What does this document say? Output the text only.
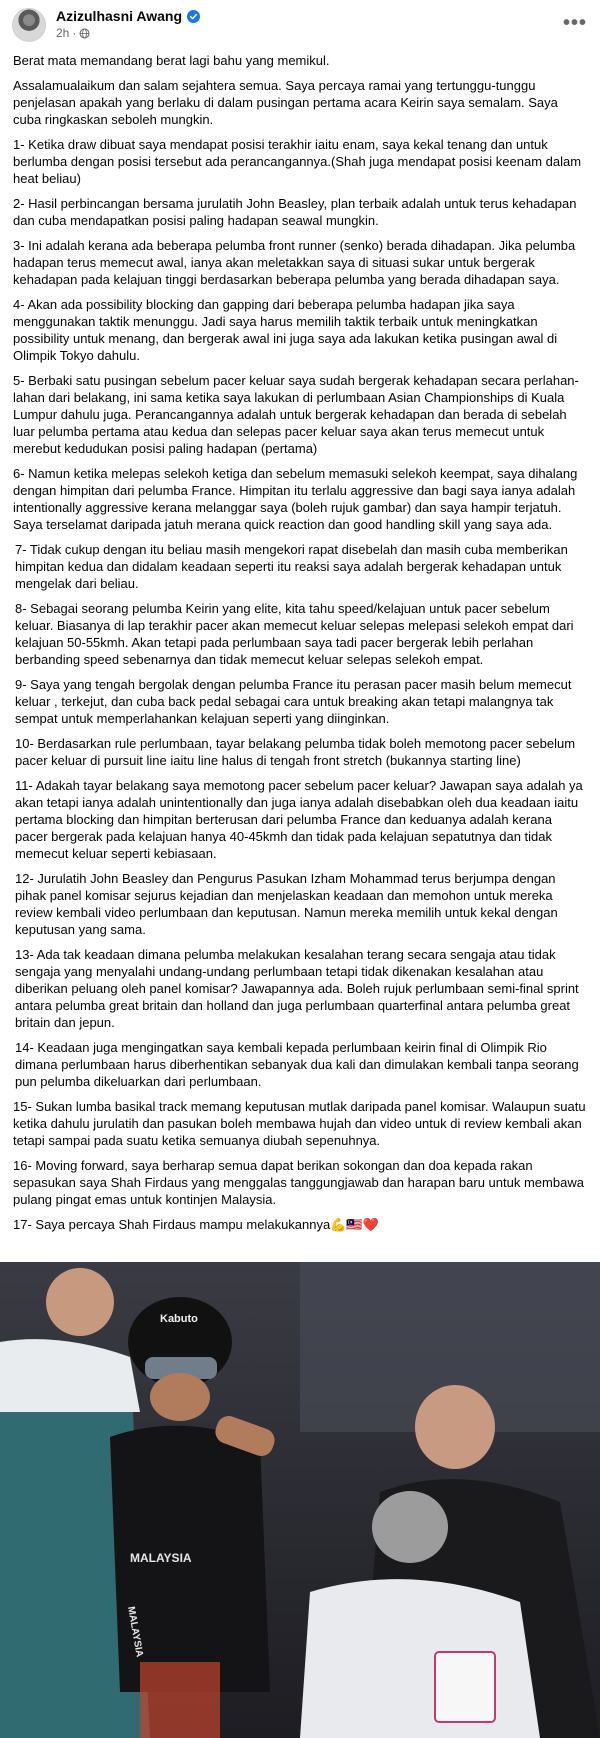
Azizulhasni Awang
2h ·	•••

Berat mata memandang berat lagi bahu yang memikul.

Assalamualaikum dan salam sejahtera semua. Saya percaya ramai yang tertunggu-tunggu penjelasan apakah yang berlaku di dalam pusingan pertama acara Keirin saya semalam. Saya cuba ringkaskan seboleh mungkin.

1- Ketika draw dibuat saya mendapat posisi terakhir iaitu enam, saya kekal tenang dan untuk berlumba dengan posisi tersebut ada perancangannya.(Shah juga mendapat posisi keenam dalam heat beliau)

2- Hasil perbincangan bersama jurulatih John Beasley, plan terbaik adalah untuk terus kehadapan dan cuba mendapatkan posisi paling hadapan seawal mungkin.

3- Ini adalah kerana ada beberapa pelumba front runner (senko) berada dihadapan. Jika pelumba hadapan terus memecut awal, ianya akan meletakkan saya di situasi sukar untuk bergerak kehadapan pada kelajuan tinggi berdasarkan beberapa pelumba yang berada dihadapan saya.

4- Akan ada possibility blocking dan gapping dari beberapa pelumba hadapan jika saya menggunakan taktik menunggu. Jadi saya harus memilih taktik terbaik untuk meningkatkan possibility untuk menang, dan bergerak awal ini juga saya ada lakukan ketika pusingan awal di Olimpik Tokyo dahulu.

5- Berbaki satu pusingan sebelum pacer keluar saya sudah bergerak kehadapan secara perlahan-lahan dari belakang, ini sama ketika saya lakukan di perlumbaan Asian Championships di Kuala Lumpur dahulu juga. Perancangannya adalah untuk bergerak kehadapan dan berada di sebelah luar pelumba pertama atau kedua dan selepas pacer keluar saya akan terus memecut untuk merebut kedudukan posisi paling hadapan (pertama)

6- Namun ketika melepas selekoh ketiga dan sebelum memasuki selekoh keempat, saya dihalang dengan himpitan dari pelumba France. Himpitan itu terlalu aggressive dan bagi saya ianya adalah intentionally aggressive kerana melanggar saya (boleh rujuk gambar) dan saya hampir terjatuh. Saya terselamat daripada jatuh merana quick reaction dan good handling skill yang saya ada.

7- Tidak cukup dengan itu beliau masih mengekori rapat disebelah dan masih cuba memberikan himpitan kedua dan didalam keadaan seperti itu reaksi saya adalah bergerak kehadapan untuk mengelak dari beliau.

8- Sebagai seorang pelumba Keirin yang elite, kita tahu speed/kelajuan untuk pacer sebelum keluar. Biasanya di lap terakhir pacer akan memecut keluar selepas melepasi selekoh empat dari kelajuan 50-55kmh. Akan tetapi pada perlumbaan saya tadi pacer bergerak lebih perlahan berbanding speed sebenarnya dan tidak memecut keluar selepas selekoh empat.

9- Saya yang tengah bergolak dengan pelumba France itu perasan pacer masih belum memecut keluar , terkejut, dan cuba back pedal sebagai cara untuk breaking akan tetapi malangnya tak sempat untuk memperlahankan kelajuan seperti yang diinginkan.

10- Berdasarkan rule perlumbaan, tayar belakang pelumba tidak boleh memotong pacer sebelum pacer keluar di pursuit line iaitu line halus di tengah front stretch (bukannya starting line)

11- Adakah tayar belakang saya memotong pacer sebelum pacer keluar? Jawapan saya adalah ya akan tetapi ianya adalah unintentionally dan juga ianya adalah disebabkan oleh dua keadaan iaitu pertama blocking dan himpitan berterusan dari pelumba France dan keduanya adalah kerana pacer bergerak pada kelajuan hanya 40-45kmh dan tidak pada kelajuan sepatutnya dan tidak memecut keluar seperti kebiasaan.

12- Jurulatih John Beasley dan Pengurus Pasukan Izham Mohammad terus berjumpa dengan pihak panel komisar sejurus kejadian dan menjelaskan keadaan dan memohon untuk mereka review kembali video perlumbaan dan keputusan. Namun mereka memilih untuk kekal dengan keputusan yang sama.

13- Ada tak keadaan dimana pelumba melakukan kesalahan terang secara sengaja atau tidak sengaja yang menyalahi undang-undang perlumbaan tetapi tidak dikenakan kesalahan atau diberikan peluang oleh panel komisar? Jawapannya ada. Boleh rujuk perlumbaan semi-final sprint antara pelumba great britain dan holland dan juga perlumbaan quarterfinal antara pelumba great britain dan jepun.

14- Keadaan juga mengingatkan saya kembali kepada perlumbaan keirin final di Olimpik Rio dimana perlumbaan harus diberhentikan sebanyak dua kali dan dimulakan kembali tanpa seorang pun pelumba dikeluarkan dari perlumbaan.

15- Sukan lumba basikal track memang keputusan mutlak daripada panel komisar. Walaupun suatu ketika dahulu jurulatih dan pasukan boleh membawa hujah dan video untuk di review kembali akan tetapi sampai pada suatu ketika semuanya diubah sepenuhnya.

16- Moving forward, saya berharap semua dapat berikan sokongan dan doa kepada rakan sepasukan saya Shah Firdaus yang menggalas tanggungjawab dan harapan baru untuk membawa pulang pingat emas untuk kontinjen Malaysia.

17- Saya percaya Shah Firdaus mampu melakukannya💪🇲🇾❤️

MALAYSIA
MALAYSIA
Kabuto
